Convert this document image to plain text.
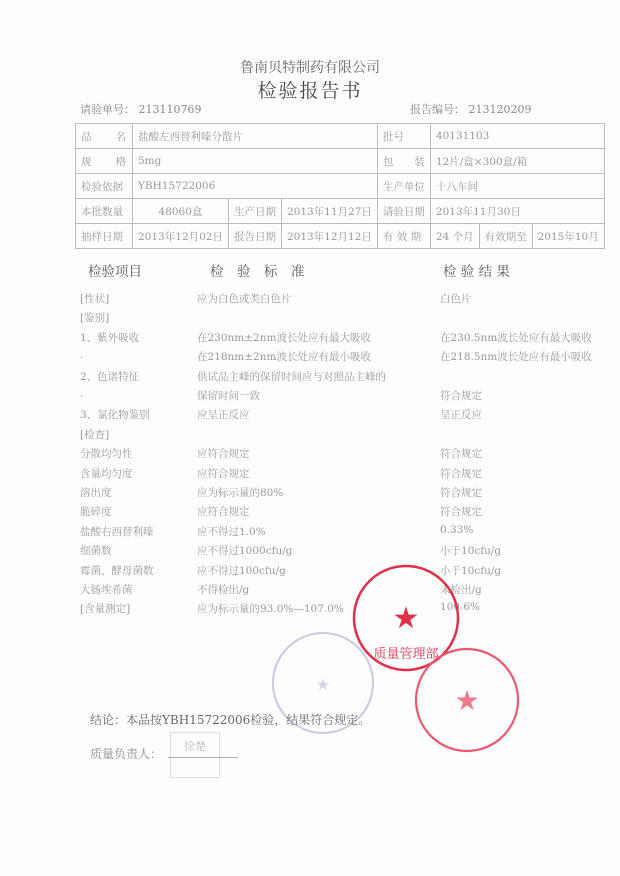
鲁南贝特制药有限公司
检验报告书
请验单号： 213110769	报告编号： 213120209
品　　名	盐酸左西替利嗪分散片			批号	40131103		
规　　格	5mg			包　　装	12片/盒×300盒/箱		
检验依据	YBH15722006			生产单位	十八车间		
本批数量	48060盒	生产日期	2013年11月27日	请验日期	2013年11月30日		
抽样日期	2013年12月02日	报告日期	2013年12月12日	有 效 期	24 个月	有效期至	2015年10月
检验项目	检　验　标　准	检 验 结 果
[性状]	应为白色或类白色片	白色片
[鉴别]
1、紫外吸收	在230nm±2nm波长处应有最大吸收	在230.5nm波长处应有最大吸收
.	在218nm±2nm波长处应有最小吸收	在218.5nm波长处应有最小吸收
2、色谱特征	供试品主峰的保留时间应与对照品主峰的
.	保留时间一致	符合规定
3、氯化物鉴别	应呈正反应	呈正反应
[检查]
分散均匀性	应符合规定	符合规定
含量均匀度	应符合规定	符合规定
溶出度	应为标示量的80%	符合规定
脆碎度	应符合规定	符合规定
盐酸右西替利嗪	应不得过1.0%	0.33%
细菌数	应不得过1000cfu/g	小于10cfu/g
霉菌、酵母菌数	应不得过100cfu/g	小于10cfu/g
大肠埃希菌	不得检出/g	未检出/g
[含量测定]	应为标示量的93.0%—107.0%	100.6%
★
★
质量管理部
★
结论：本品按YBH15722006检验，结果符合规定。
质量负责人：
徐楚
